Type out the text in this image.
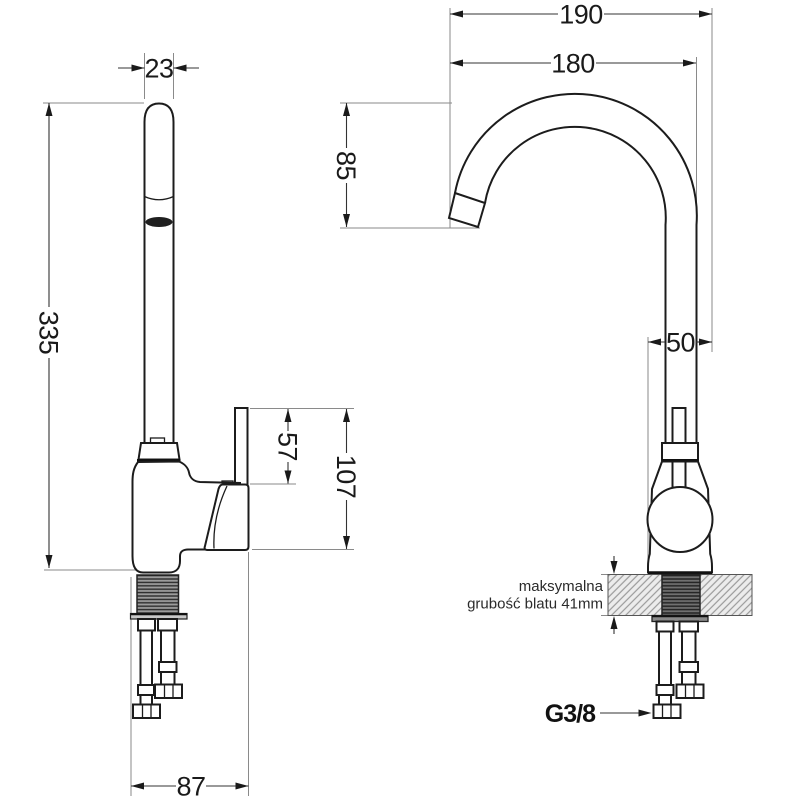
23
190
180
85
335
57
107
50
87
maksymalna
grubość blatu 41mm
G3/8
